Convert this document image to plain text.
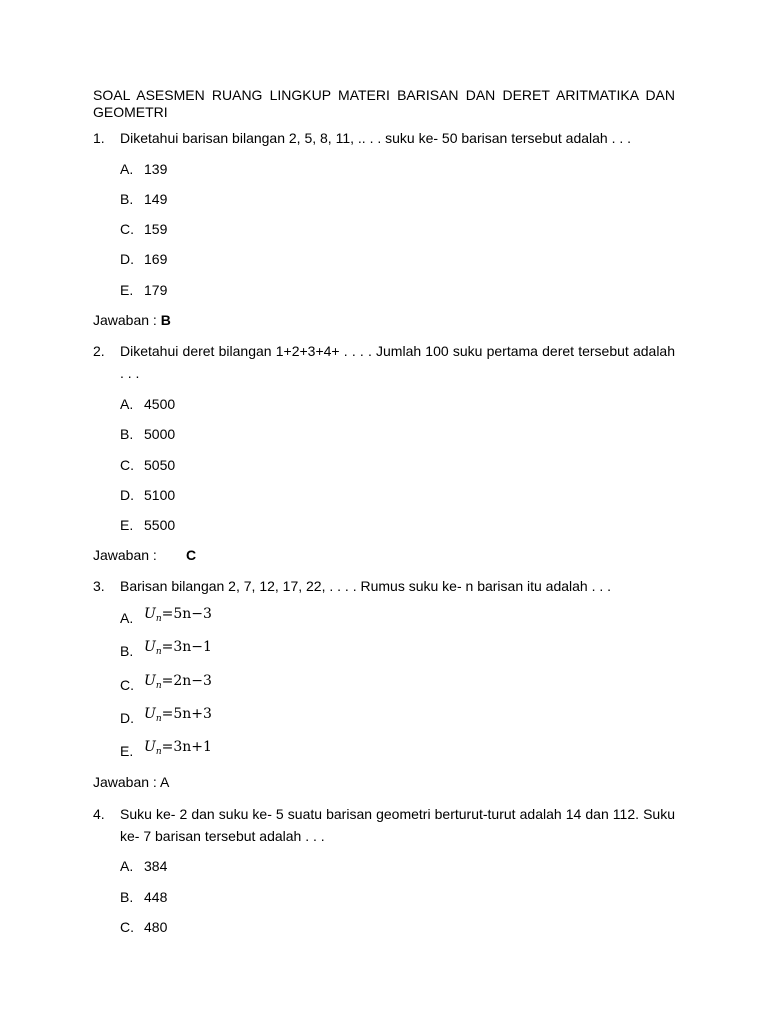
SOAL ASESMEN RUANG LINGKUP MATERI BARISAN DAN DERET ARITMATIKA DAN GEOMETRI
1. Diketahui barisan bilangan 2, 5, 8, 11, .. . . suku ke- 50 barisan tersebut adalah . . .
A. 139
B. 149
C. 159
D. 169
E. 179
Jawaban : B
2. Diketahui deret bilangan 1+2+3+4+ . . . . Jumlah 100 suku pertama deret tersebut adalah . . .
A. 4500
B. 5000
C. 5050
D. 5100
E. 5500
Jawaban : C
3. Barisan bilangan 2, 7, 12, 17, 22, . . . . Rumus suku ke- n barisan itu adalah . . .
A. $U_n=5n-3$
B. $U_n=3n-1$
C. $U_n=2n-3$
D. $U_n=5n+3$
E. $U_n=3n+1$
Jawaban : A
4. Suku ke- 2 dan suku ke- 5 suatu barisan geometri berturut-turut adalah 14 dan 112. Suku ke- 7 barisan tersebut adalah . . .
A. 384
B. 448
C. 480
